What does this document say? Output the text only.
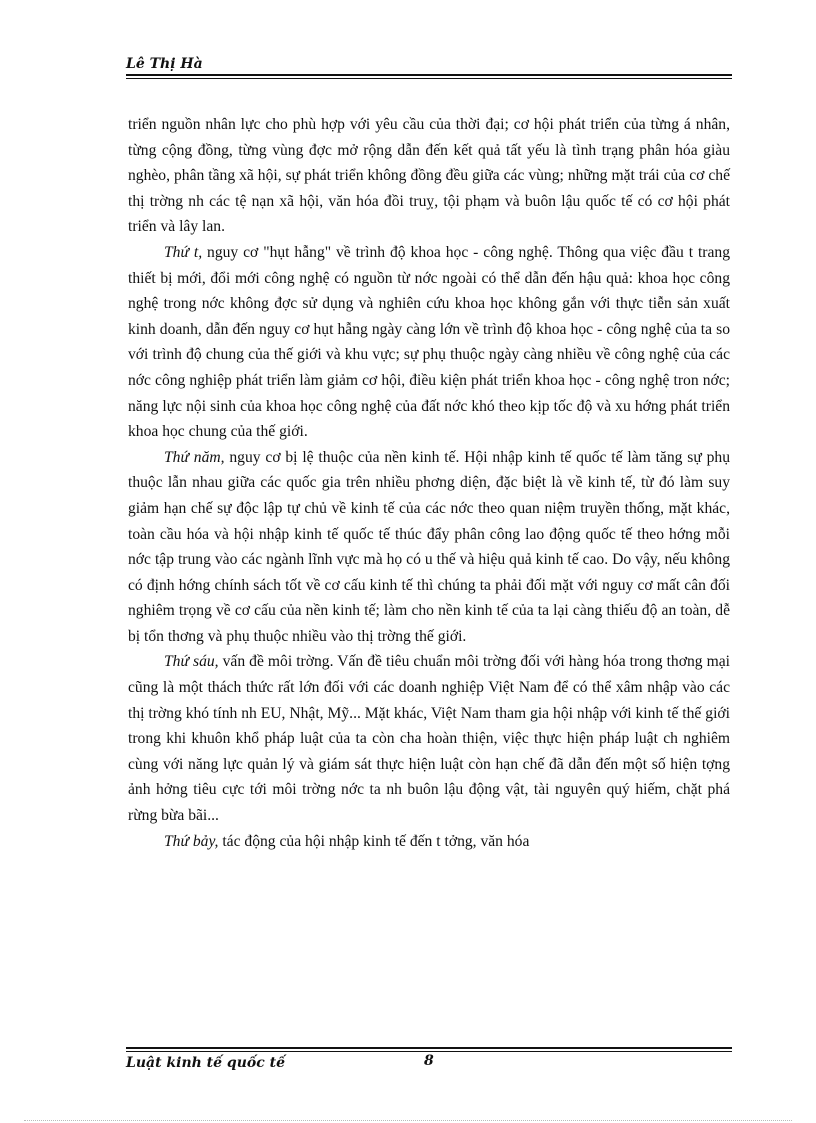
Lê Thị Hà

triển nguồn nhân lực cho phù hợp với yêu cầu của thời đại; cơ hội phát triển của từng á nhân, từng cộng đồng, từng vùng đợc mở rộng dẫn đến kết quả tất yếu là tình trạng phân hóa giàu nghèo, phân tầng xã hội, sự phát triển không đồng đều giữa các vùng; những mặt trái của cơ chế thị trờng nh các tệ nạn xã hội, văn hóa đồi truỵ, tội phạm và buôn lậu quốc tế có cơ hội phát triển và lây lan.

Thứ t, nguy cơ "hụt hẫng" về trình độ khoa học - công nghệ. Thông qua việc đầu t trang thiết bị mới, đổi mới công nghệ có nguồn từ nớc ngoài có thể dẫn đến hậu quả: khoa học công nghệ trong nớc không đợc sử dụng và nghiên cứu khoa học không gắn với thực tiễn sản xuất kinh doanh, dẫn đến nguy cơ hụt hẫng ngày càng lớn về trình độ khoa học - công nghệ của ta so với trình độ chung của thế giới và khu vực; sự phụ thuộc ngày càng nhiều về công nghệ của các nớc công nghiệp phát triển làm giảm cơ hội, điều kiện phát triển khoa học - công nghệ tron nớc; năng lực nội sinh của khoa học công nghệ của đất nớc khó theo kịp tốc độ và xu hớng phát triển khoa học chung của thế giới.

Thứ năm, nguy cơ bị lệ thuộc của nền kinh tế. Hội nhập kinh tế quốc tế làm tăng sự phụ thuộc lẫn nhau giữa các quốc gia trên nhiều phơng diện, đặc biệt là về kinh tế, từ đó làm suy giảm hạn chế sự độc lập tự chủ về kinh tế của các nớc theo quan niệm truyền thống, mặt khác, toàn cầu hóa và hội nhập kinh tế quốc tế thúc đẩy phân công lao động quốc tế theo hớng mỗi nớc tập trung vào các ngành lĩnh vực mà họ có u thế và hiệu quả kinh tế cao. Do vậy, nếu không có định hớng chính sách tốt về cơ cấu kinh tế thì chúng ta phải đối mặt với nguy cơ mất cân đối nghiêm trọng về cơ cấu của nền kinh tế; làm cho nền kinh tế của ta lại càng thiếu độ an toàn, dễ bị tổn thơng và phụ thuộc nhiều vào thị trờng thế giới.

Thứ sáu, vấn đề môi trờng. Vấn đề tiêu chuẩn môi trờng đối với hàng hóa trong thơng mại cũng là một thách thức rất lớn đối với các doanh nghiệp Việt Nam để có thể xâm nhập vào các thị trờng khó tính nh EU, Nhật, Mỹ... Mặt khác, Việt Nam tham gia hội nhập với kinh tế thế giới trong khi khuôn khổ pháp luật của ta còn cha hoàn thiện, việc thực hiện pháp luật ch nghiêm cùng với năng lực quản lý và giám sát thực hiện luật còn hạn chế đã dẫn đến một số hiện tợng ảnh hởng tiêu cực tới môi trờng nớc ta nh buôn lậu động vật, tài nguyên quý hiếm, chặt phá rừng bừa bãi...

Thứ bảy, tác động của hội nhập kinh tế đến t tởng, văn hóa

Luật kinh tế quốc tế	8
